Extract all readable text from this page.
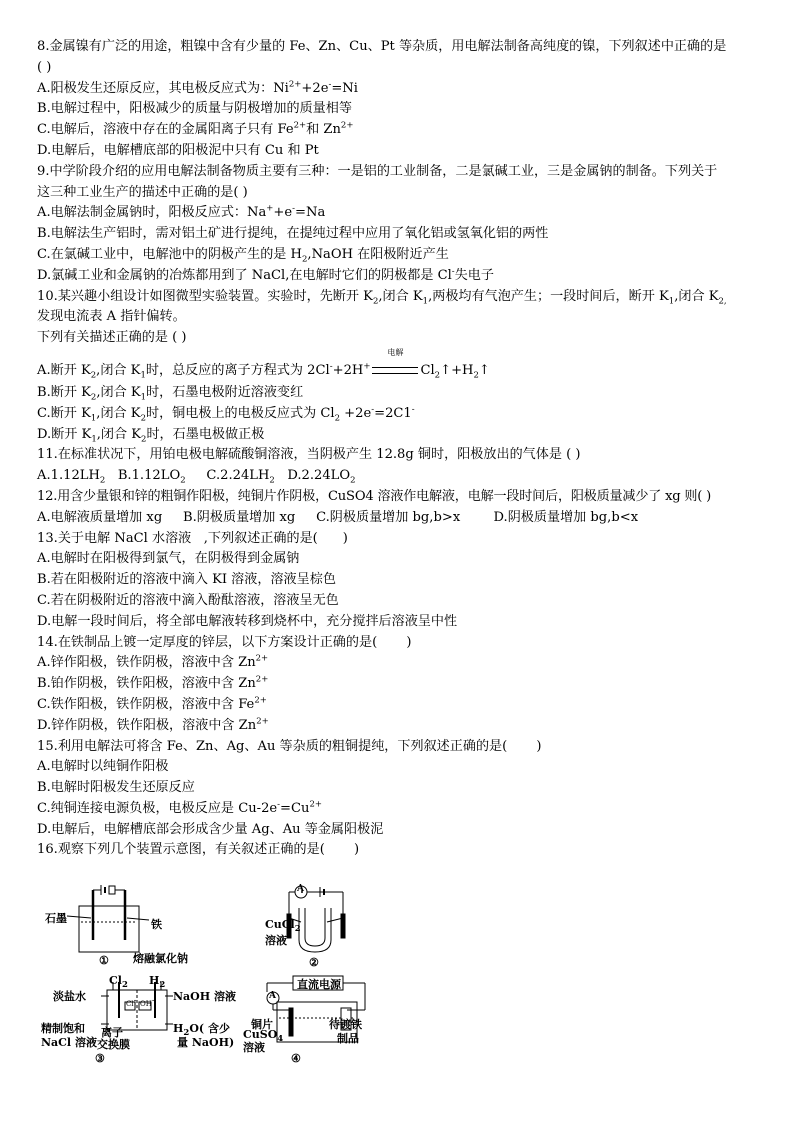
8.金属镍有广泛的用途，粗镍中含有少量的 Fe、Zn、Cu、Pt 等杂质，用电解法制备高纯度的镍，下列叙述中正确的是
( )
A.阳极发生还原反应，其电极反应式为：$Ni^{2+}+2e^-=Ni$
B.电解过程中，阳极减少的质量与阴极增加的质量相等
C.电解后，溶液中存在的金属阳离子只有 $Fe^{2+}$和 $Zn^{2+}$
D.电解后，电解槽底部的阳极泥中只有 Cu 和 Pt
9.中学阶段介绍的应用电解法制备物质主要有三种：一是铝的工业制备，二是氯碱工业，三是金属钠的制备。下列关于
这三种工业生产的描述中正确的是( )
A.电解法制金属钠时，阳极反应式：Na++e-=Na
B.电解法生产铝时，需对铝土矿进行提纯，在提纯过程中应用了氧化铝或氢氧化铝的两性
C.在氯碱工业中，电解池中的阴极产生的是 $H_2,NaOH$ 在阳极附近产生
D.氯碱工业和金属钠的冶炼都用到了 NaCl,在电解时它们的阴极都是 Cl-失电子
10.某兴趣小组设计如图微型实验装置。实验时，先断开 $K_2$,闭合 $K_1$,两极均有气泡产生；一段时间后，断开 $K_1$,闭合 $K_{2,}$
发现电流表 A 指针偏转。
下列有关描述正确的是 ( )
A.断开 $K_2$,闭合 $K_1$时，总反应的离子方程式为 2Cl-+2H+
电解
$Cl_2↑+H_2↑$
B.断开 $K_2$,闭合 $K_1$时，石墨电极附近溶液变红
C.断开 $K_1$,闭合 $K_2$时，铜电极上的电极反应式为 $Cl_2 +2e^-=2C1^-$
D.断开 $K_1$,闭合 $K_2$时，石墨电极做正极
11.在标准状况下，用铂电极电解硫酸铜溶液，当阴极产生 12.8g 铜时，阳极放出的气体是 ( )
$A.1.12LH_2$ $B.1.12LO_2$ $C.2.24LH_2$ $D.2.24LO_2$
12.用含少量银和锌的粗铜作阳极，纯铜片作阴极，CuSO4 溶液作电解液，电解一段时间后，阳极质量减少了 xg 则( )
A.电解液质量增加 xg     B.阴极质量增加 xg     C.阴极质量增加 bg,b>x        D.阴极质量增加 bg,b<x
13.关于电解 NaCl 水溶液   ,下列叙述正确的是(      )
A.电解时在阳极得到氯气，在阴极得到金属钠
B.若在阳极附近的溶液中滴入 KI 溶液，溶液呈棕色
C.若在阴极附近的溶液中滴入酚酞溶液，溶液呈无色
D.电解一段时间后，将全部电解液转移到烧杯中，充分搅拌后溶液呈中性
14.在铁制品上镀一定厚度的锌层，以下方案设计正确的是(       )
A.锌作阳极，铁作阴极，溶液中含 $Zn^{2+}$
B.铂作阴极，铁作阳极，溶液中含 $Zn^{2+}$
C.铁作阳极，铁作阴极，溶液中含 $Fe^{2+}$
D.锌作阴极，铁作阳极，溶液中含 $Zn^{2+}$
15.利用电解法可将含 Fe、Zn、Ag、Au 等杂质的粗铜提纯，下列叙述正确的是(       )
A.电解时以纯铜作阳极
B.电解时阳极发生还原反应
C.纯铜连接电源负极，电极反应是 $Cu-2e^-=Cu^{2+}$
D.电解后，电解槽底部会形成含少量 Ag、Au 等金属阳极泥
16.观察下列几个装置示意图，有关叙述正确的是(       )
石墨	铁
熔融氯化钠
①
A
CuCl$_2$
溶液
②
$Cl_2$ $H_2$
淡盐水	NaOH 溶液
Cl- OH-
精制饱和
NaCl 溶液
离子
交换膜
$H_2O$( 含少
量 NaOH)
③
直流电源
A
铜片
CuSO$_4$
溶液
待镀铁
制品
④
